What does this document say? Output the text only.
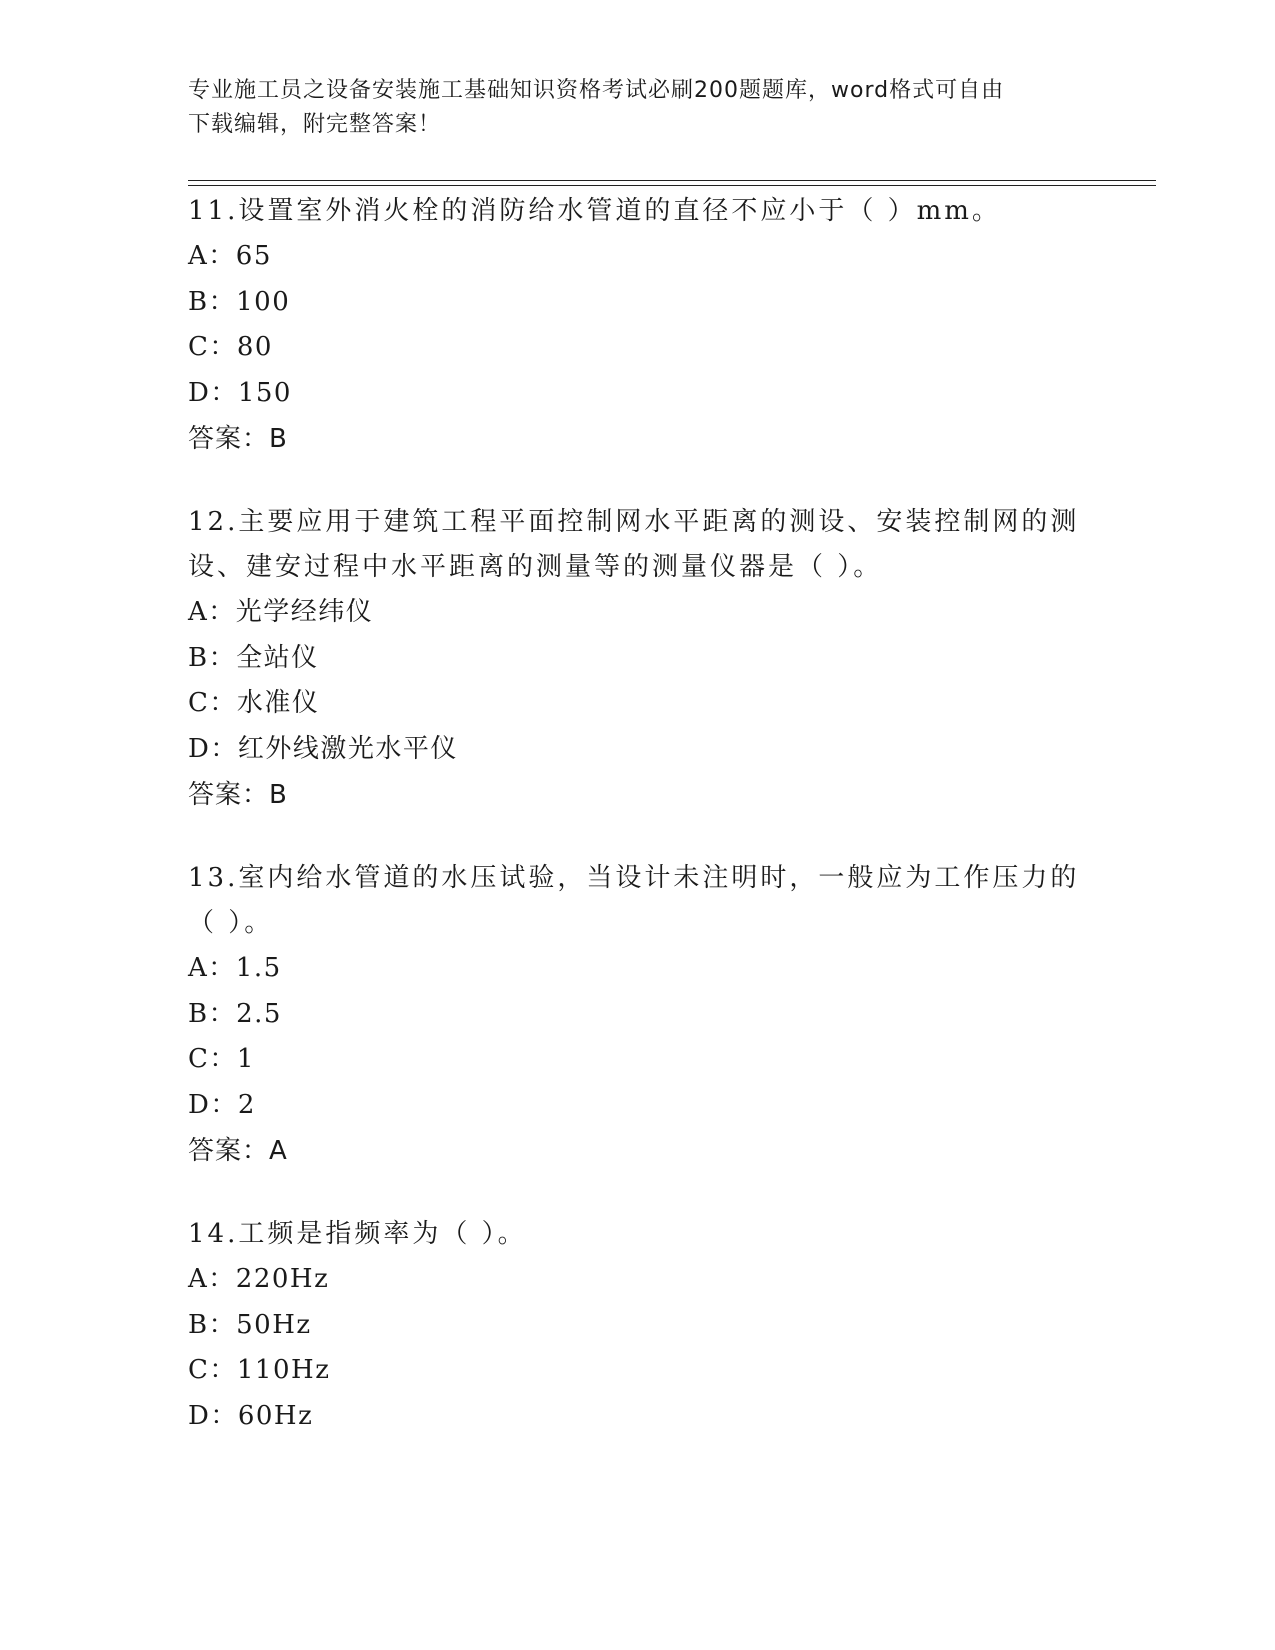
专业施工员之设备安装施工基础知识资格考试必刷200题题库，word格式可自由
下载编辑，附完整答案！
11.设置室外消火栓的消防给水管道的直径不应小于（ ）mm。
A：65
B：100
C：80
D：150
答案：B
12.主要应用于建筑工程平面控制网水平距离的测设、安装控制网的测
设、建安过程中水平距离的测量等的测量仪器是（ ）。
A：光学经纬仪
B：全站仪
C：水准仪
D：红外线激光水平仪
答案：B
13.室内给水管道的水压试验，当设计未注明时，一般应为工作压力的
（ ）。
A：1.5
B：2.5
C：1
D：2
答案：A
14.工频是指频率为（ ）。
A：220Hz
B：50Hz
C：110Hz
D：60Hz
